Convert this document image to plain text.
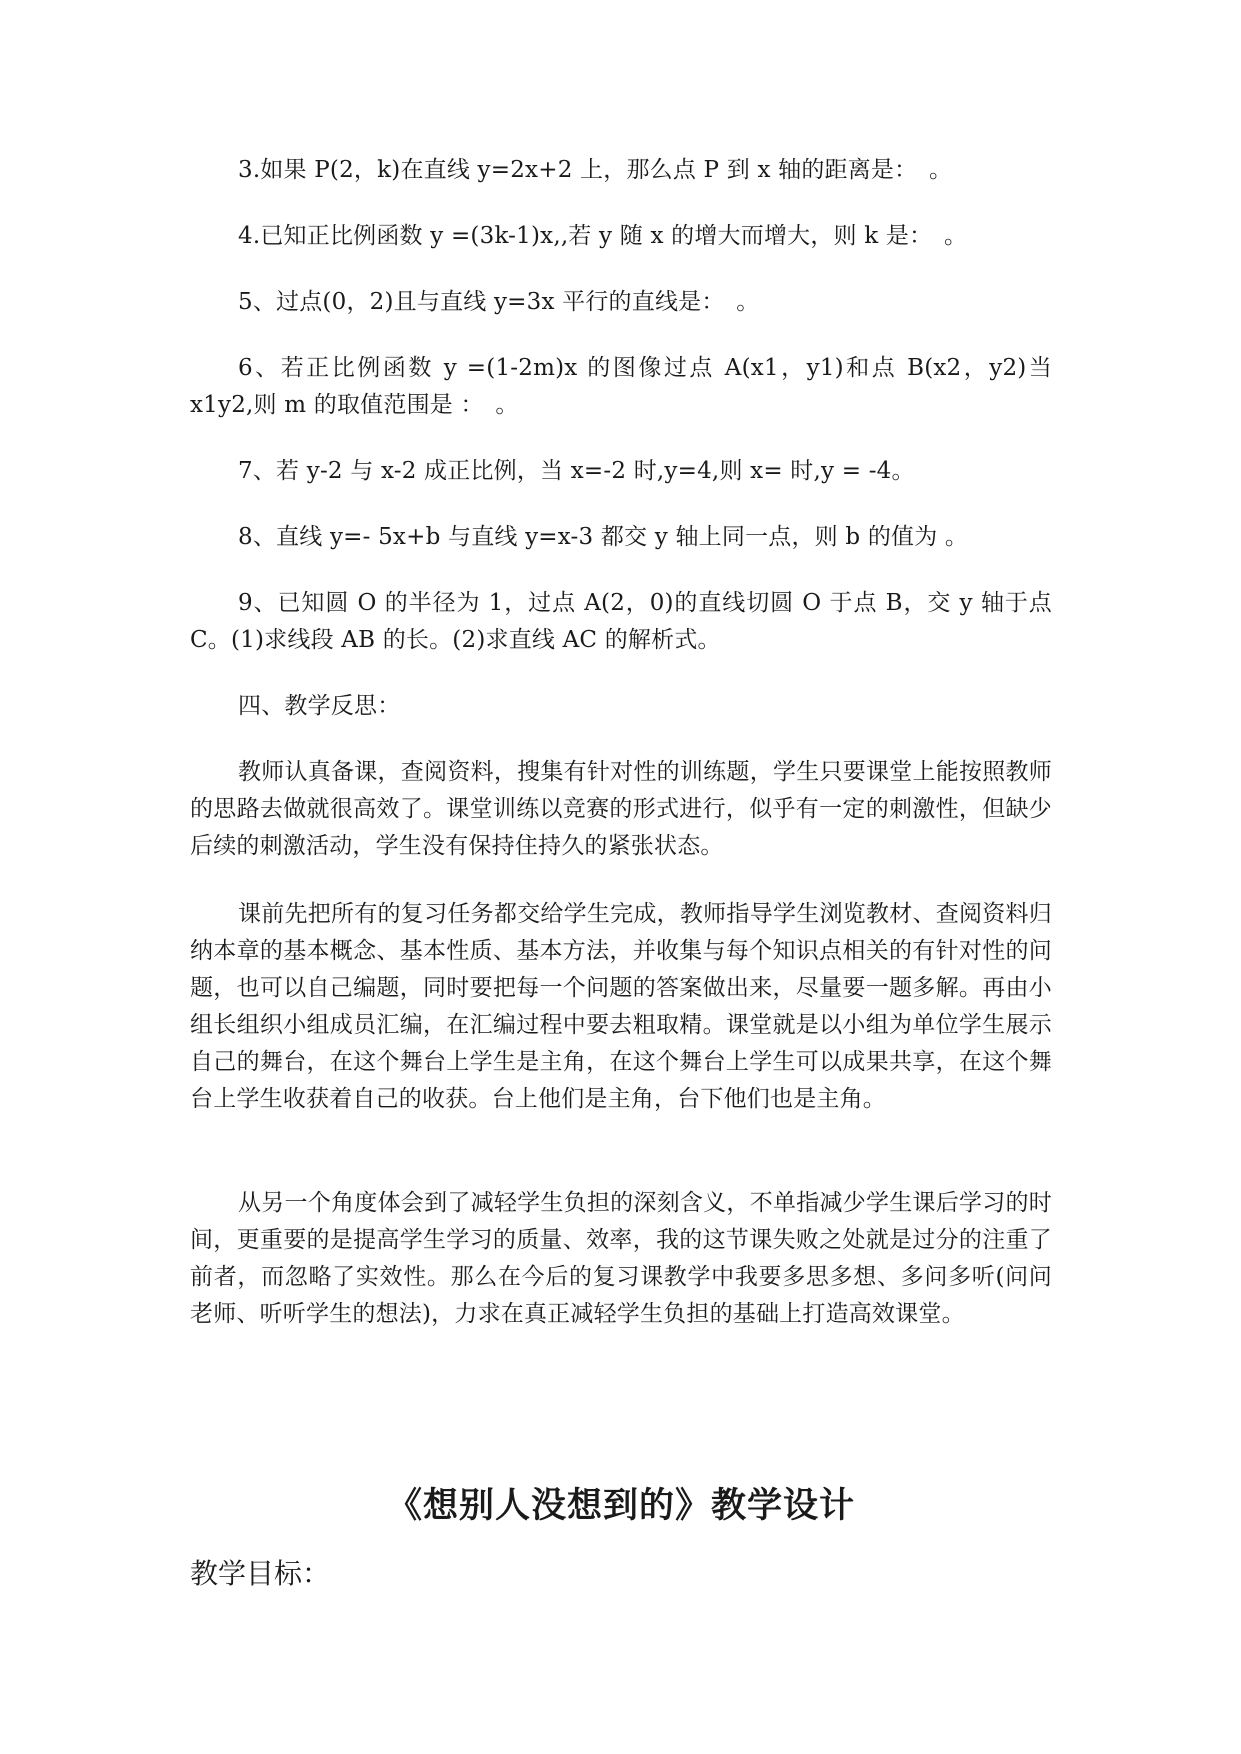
3.如果 P(2，k)在直线 y=2x+2 上，那么点 P 到 x 轴的距离是：　。

4.已知正比例函数 y =(3k-1)x,,若 y 随 x 的增大而增大，则 k 是：　。

5、过点(0，2)且与直线 y=3x 平行的直线是：　。

6、若正比例函数 y =(1-2m)x 的图像过点 A(x1，y1)和点 B(x2，y2)当 x1y2,则 m 的取值范围是 ：　。

7、若 y-2 与 x-2 成正比例，当 x=-2 时,y=4,则 x= 时,y = -4。

8、直线 y=- 5x+b 与直线 y=x-3 都交 y 轴上同一点，则 b 的值为 。

9、已知圆 O 的半径为 1，过点 A(2，0)的直线切圆 O 于点 B，交 y 轴于点 C。(1)求线段 AB 的长。(2)求直线 AC 的解析式。

四、教学反思：

教师认真备课，查阅资料，搜集有针对性的训练题，学生只要课堂上能按照教师的思路去做就很高效了。课堂训练以竞赛的形式进行，似乎有一定的刺激性，但缺少后续的刺激活动，学生没有保持住持久的紧张状态。

课前先把所有的复习任务都交给学生完成，教师指导学生浏览教材、查阅资料归纳本章的基本概念、基本性质、基本方法，并收集与每个知识点相关的有针对性的问题，也可以自己编题，同时要把每一个问题的答案做出来，尽量要一题多解。再由小组长组织小组成员汇编，在汇编过程中要去粗取精。课堂就是以小组为单位学生展示自己的舞台，在这个舞台上学生是主角，在这个舞台上学生可以成果共享，在这个舞台上学生收获着自己的收获。台上他们是主角，台下他们也是主角。

从另一个角度体会到了减轻学生负担的深刻含义，不单指减少学生课后学习的时间，更重要的是提高学生学习的质量、效率，我的这节课失败之处就是过分的注重了前者，而忽略了实效性。那么在今后的复习课教学中我要多思多想、多问多听(问问老师、听听学生的想法)，力求在真正减轻学生负担的基础上打造高效课堂。

《想别人没想到的》教学设计

教学目标：
